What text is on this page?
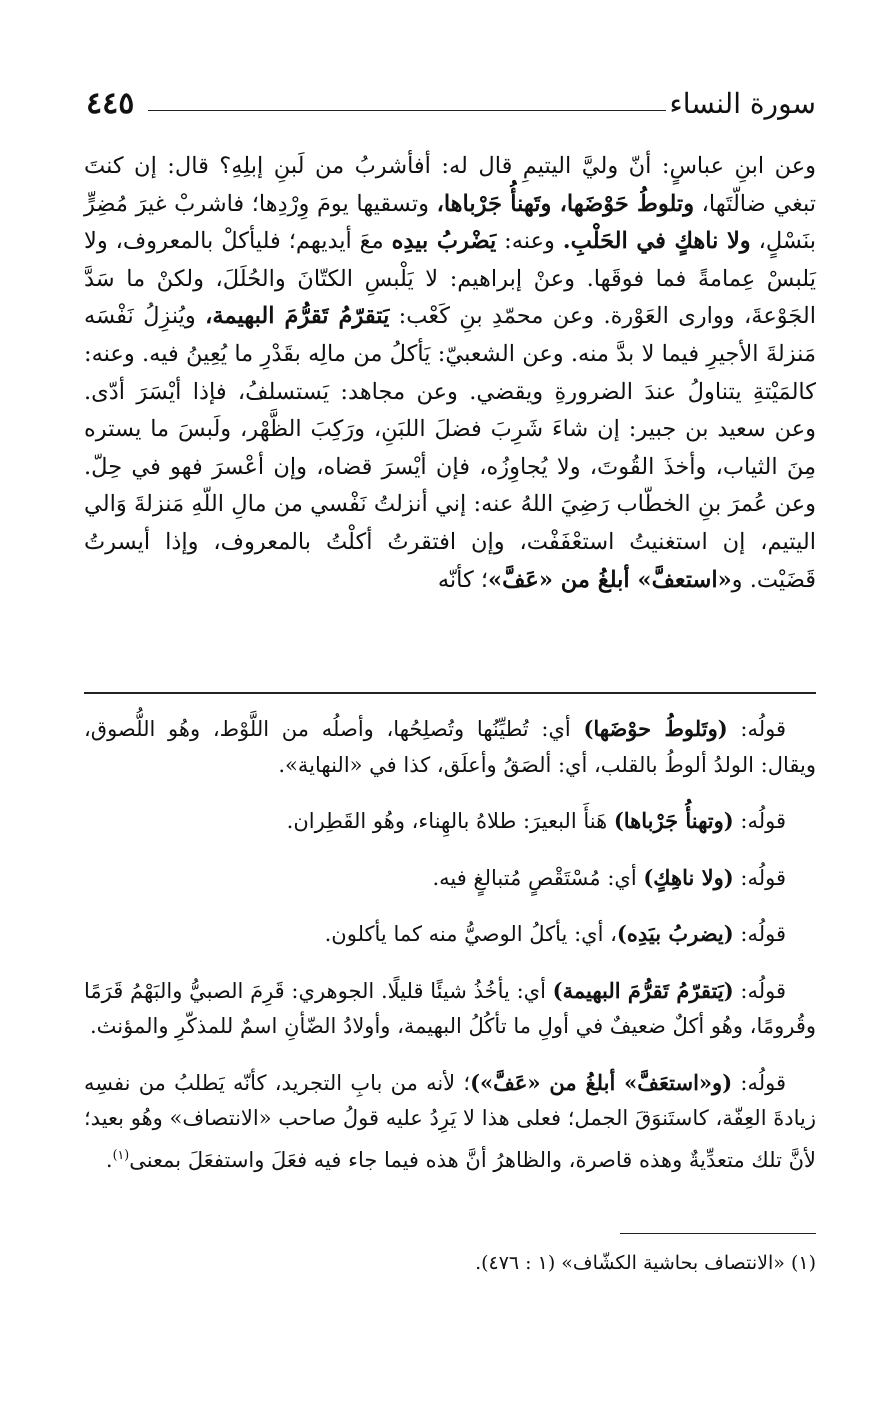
سورة النساء
٤٤٥

وعن ابنِ عباسٍ: أنّ وليَّ اليتيمِ قال له: أفأشربُ من لَبنِ إبلِهِ؟ قال: إن كنتَ تبغي ضالّتَها، وتلوطُ حَوْضَها، وتَهنأُ جَرْباها، وتسقيها يومَ وِرْدِها؛ فاشربْ غيرَ مُضِرٍّ بنَسْلٍ، ولا ناهكٍ في الحَلْبِ. وعنه: يَضْربُ بيدِه معَ أيديهم؛ فليأكلْ بالمعروف، ولا يَلبسْ عِمامةً فما فوقَها. وعنْ إبراهيم: لا يَلْبسِ الكتّانَ والحُلَلَ، ولكنْ ما سَدَّ الجَوْعةَ، ووارى العَوْرة. وعن محمّدِ بنِ كَعْب: يَتقرّمُ تَقرُّمَ البهيمة، ويُنزِلُ نَفْسَه مَنزلةَ الأجيرِ فيما لا بدَّ منه. وعن الشعبيّ: يَأكلُ من مالِه بقَدْرِ ما يُعِينُ فيه. وعنه: كالمَيْتةِ يتناولُ عندَ الضرورةِ ويقضي. وعن مجاهد: يَستسلفُ، فإذا أيْسَرَ أدّى. وعن سعيد بن جبير: إن شاءَ شَرِبَ فضلَ اللبَنِ، ورَكِبَ الظَّهْر، ولَبسَ ما يستره مِنَ الثياب، وأخذَ القُوتَ، ولا يُجاوِزُه، فإن أيْسرَ قضاه، وإن أعْسرَ فهو في حِلّ. وعن عُمرَ بنِ الخطّاب رَضِيَ اللهُ عنه: إني أنزلتُ نَفْسي من مالِ اللّهِ مَنزلةَ وَالي اليتيم، إن استغنيتُ استعْفَفْت، وإن افتقرتُ أكلْتُ بالمعروف، وإذا أيسرتُ قَضَيْت. و«استعفَّ» أبلغُ من «عَفَّ»؛ كأنّه

قولُه: (وتَلوطُ حوْضَها) أي: تُطيِّنُها وتُصلِحُها، وأصلُه من اللَّوْط، وهُو اللُّصوق، ويقال: الولدُ ألوطُ بالقلب، أي: ألصَقُ وأعلَق، كذا في «النهاية».

قولُه: (وتهنأُ جَرْباها) هَنأَ البعيرَ: طلاهُ بالهِناء، وهُو القَطِران.

قولُه: (ولا ناهِكٍ) أي: مُسْتَقْصٍ مُتبالغٍ فيه.

قولُه: (يضربُ بيَدِه)، أي: يأكلُ الوصيُّ منه كما يأكلون.

قولُه: (يَتقرّمُ تَقرُّمَ البهيمة) أي: يأخُذُ شيئًا قليلًا. الجوهري: قَرِمَ الصبيُّ والبَهْمُ قَرَمًا وقُرومًا، وهُو أكلٌ ضعيفٌ في أولِ ما تأكُلُ البهيمة، وأولادُ الضّأنِ اسمٌ للمذكّرِ والمؤنث.

قولُه: (و«استعَفَّ» أبلغُ من «عَفَّ»)؛ لأنه من بابِ التجريد، كأنّه يَطلبُ من نفسِه زيادةَ العِفّة، كاستَنوَقَ الجمل؛ فعلى هذا لا يَرِدُ عليه قولُ صاحب «الانتصاف» وهُو بعيد؛ لأنَّ تلك متعدِّيةٌ وهذه قاصرة، والظاهرُ أنَّ هذه فيما جاء فيه فعَلَ واستفعَلَ بمعنى$^{(١)}$.

(١) «الانتصاف بحاشية الكشّاف» (١ : ٤٧٦).
